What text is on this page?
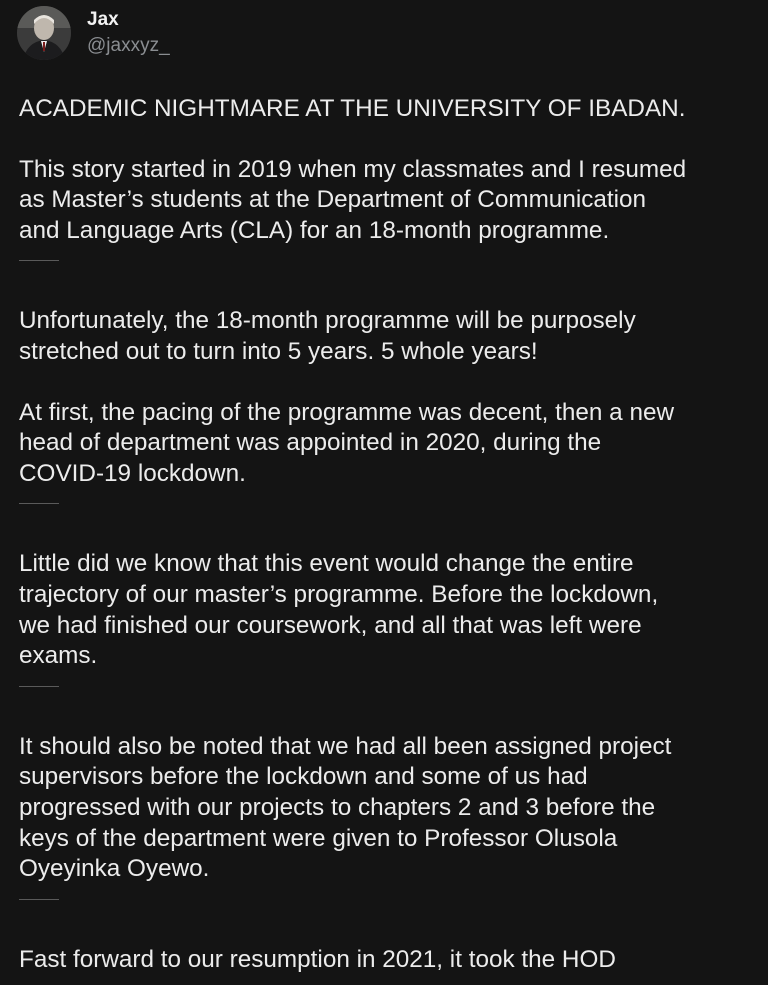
Jax
@jaxxyz_

ACADEMIC NIGHTMARE AT THE UNIVERSITY OF IBADAN.

This story started in 2019 when my classmates and I resumed
as Master’s students at the Department of Communication
and Language Arts (CLA) for an 18-month programme.

Unfortunately, the 18-month programme will be purposely
stretched out to turn into 5 years. 5 whole years!

At first, the pacing of the programme was decent, then a new
head of department was appointed in 2020, during the
COVID-19 lockdown.

Little did we know that this event would change the entire
trajectory of our master’s programme. Before the lockdown,
we had finished our coursework, and all that was left were
exams.

It should also be noted that we had all been assigned project
supervisors before the lockdown and some of us had
progressed with our projects to chapters 2 and 3 before the
keys of the department were given to Professor Olusola
Oyeyinka Oyewo.

Fast forward to our resumption in 2021, it took the HOD
